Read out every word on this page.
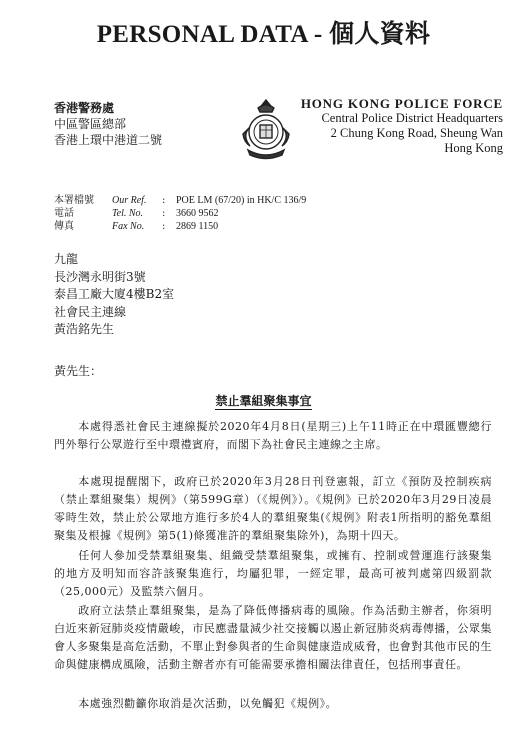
PERSONAL DATA - 個人資料
香港警務處
中區警區總部
香港上環中港道二號
HONG KONG POLICE FORCE
Central Police District Headquarters
2 Chung Kong Road, Sheung Wan
Hong Kong
本署檔號	Our Ref.	:	POE LM (67/20) in HK/C 136/9
電話	Tel. No.	:	3660 9562
傳真	Fax No.	:	2869 1150
九龍
長沙灣永明街3號
泰昌工廠大廈4樓B2室
社會民主連線
黃浩銘先生
黃先生：
禁止羣組聚集事宜
本處得悉社會民主連線擬於2020年4月8日(星期三)上午11時正在中環匯豐總行門外舉行公眾遊行至中環禮賓府，而閣下為社會民主連線之主席。
本處現提醒閣下，政府已於2020年3月28日刊登憲報，訂立《預防及控制疾病（禁止羣組聚集）規例》（第599G章）（《規例》）。《規例》已於2020年3月29日凌晨零時生效，禁止於公眾地方進行多於4人的羣組聚集(《規例》附表1所指明的豁免羣組聚集及根據《規例》第5(1)條獲准許的羣組聚集除外)，為期十四天。
任何人參加受禁羣組聚集、組織受禁羣組聚集，或擁有、控制或營運進行該聚集的地方及明知而容許該聚集進行，均屬犯罪，一經定罪，最高可被判處第四級罰款（25,000元）及監禁六個月。
政府立法禁止羣組聚集，是為了降低傳播病毒的風險。作為活動主辦者，你須明白近來新冠肺炎疫情嚴峻，市民應盡量減少社交接觸以遏止新冠肺炎病毒傳播，公眾集會人多聚集是高危活動，不單止對參與者的生命與健康造成威脅，也會對其他市民的生命與健康構成風險，活動主辦者亦有可能需要承擔相關法律責任，包括刑事責任。
本處強烈勸籲你取消是次活動，以免觸犯《規例》。
